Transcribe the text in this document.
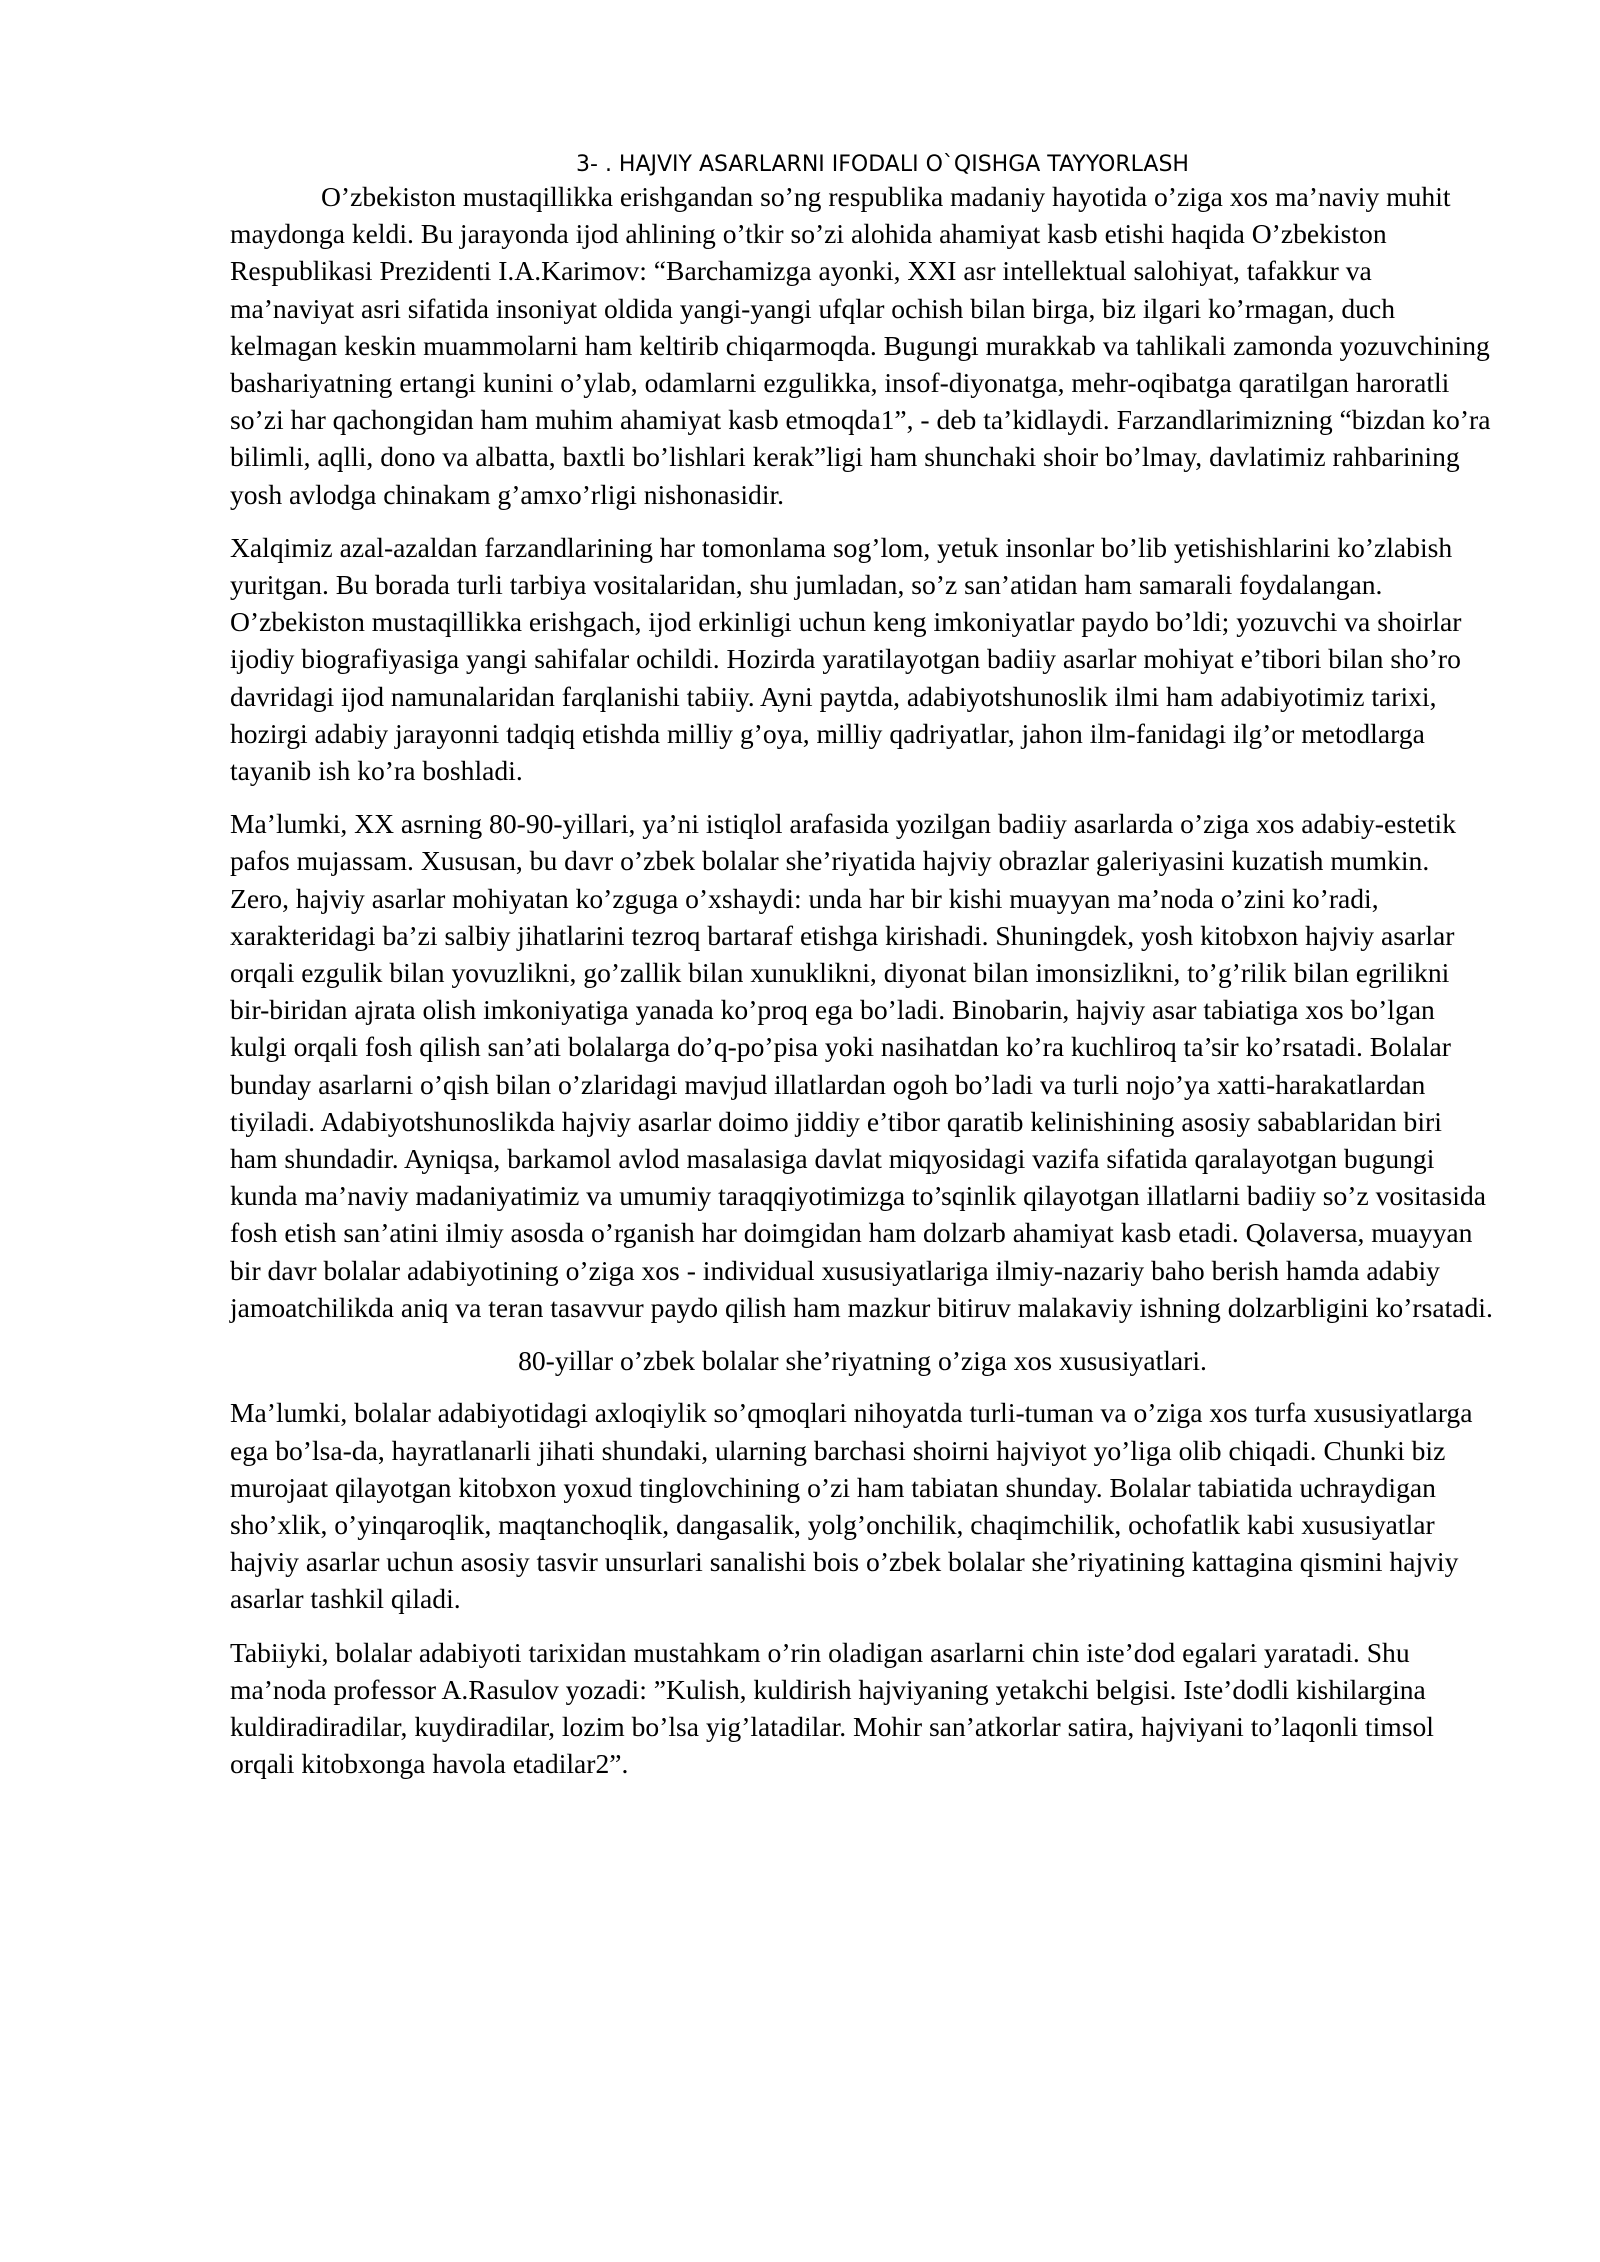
3- . HAJVIY ASARLARNI IFODALI O`QISHGA TAYYORLASH

O’zbekiston mustaqillikka erishgandan so’ng respublika madaniy hayotida o’ziga xos ma’naviy muhit maydonga keldi. Bu jarayonda ijod ahlining o’tkir so’zi alohida ahamiyat kasb etishi haqida O’zbekiston Respublikasi Prezidenti I.A.Karimov: “Barchamizga ayonki, XXI asr intellektual salohiyat, tafakkur va ma’naviyat asri sifatida insoniyat oldida yangi-yangi ufqlar ochish bilan birga, biz ilgari ko’rmagan, duch kelmagan keskin muammolarni ham keltirib chiqarmoqda. Bugungi murakkab va tahlikali zamonda yozuvchining bashariyatning ertangi kunini o’ylab, odamlarni ezgulikka, insof-diyonatga, mehr-oqibatga qaratilgan haroratli so’zi har qachongidan ham muhim ahamiyat kasb etmoqda1”, - deb ta’kidlaydi. Farzandlarimizning “bizdan ko’ra bilimli, aqlli, dono va albatta, baxtli bo’lishlari kerak”ligi ham shunchaki shoir bo’lmay, davlatimiz rahbarining yosh avlodga chinakam g’amxo’rligi nishonasidir.

Xalqimiz azal-azaldan farzandlarining har tomonlama sog’lom, yetuk insonlar bo’lib yetishishlarini ko’zlabish yuritgan. Bu borada turli tarbiya vositalaridan, shu jumladan, so’z san’atidan ham samarali foydalangan. O’zbekiston mustaqillikka erishgach, ijod erkinligi uchun keng imkoniyatlar paydo bo’ldi; yozuvchi va shoirlar ijodiy biografiyasiga yangi sahifalar ochildi. Hozirda yaratilayotgan badiiy asarlar mohiyat e’tibori bilan sho’ro davridagi ijod namunalaridan farqlanishi tabiiy. Ayni paytda, adabiyotshunoslik ilmi ham adabiyotimiz tarixi, hozirgi adabiy jarayonni tadqiq etishda milliy g’oya, milliy qadriyatlar, jahon ilm-fanidagi ilg’or metodlarga tayanib ish ko’ra boshladi.

Ma’lumki, XX asrning 80-90-yillari, ya’ni istiqlol arafasida yozilgan badiiy asarlarda o’ziga xos adabiy-estetik pafos mujassam. Xususan, bu davr o’zbek bolalar she’riyatida hajviy obrazlar galeriyasini kuzatish mumkin. Zero, hajviy asarlar mohiyatan ko’zguga o’xshaydi: unda har bir kishi muayyan ma’noda o’zini ko’radi, xarakteridagi ba’zi salbiy jihatlarini tezroq bartaraf etishga kirishadi. Shuningdek, yosh kitobxon hajviy asarlar orqali ezgulik bilan yovuzlikni, go’zallik bilan xunuklikni, diyonat bilan imonsizlikni, to’g’rilik bilan egrilikni bir-biridan ajrata olish imkoniyatiga yanada ko’proq ega bo’ladi. Binobarin, hajviy asar tabiatiga xos bo’lgan kulgi orqali fosh qilish san’ati bolalarga do’q-po’pisa yoki nasihatdan ko’ra kuchliroq ta’sir ko’rsatadi. Bolalar bunday asarlarni o’qish bilan o’zlaridagi mavjud illatlardan ogoh bo’ladi va turli nojo’ya xatti-harakatlardan tiyiladi. Adabiyotshunoslikda hajviy asarlar doimo jiddiy e’tibor qaratib kelinishining asosiy sabablaridan biri ham shundadir. Ayniqsa, barkamol avlod masalasiga davlat miqyosidagi vazifa sifatida qaralayotgan bugungi kunda ma’naviy madaniyatimiz va umumiy taraqqiyotimizga to’sqinlik qilayotgan illatlarni badiiy so’z vositasida fosh etish san’atini ilmiy asosda o’rganish har doimgidan ham dolzarb ahamiyat kasb etadi. Qolaversa, muayyan bir davr bolalar adabiyotining o’ziga xos - individual xususiyatlariga ilmiy-nazariy baho berish hamda adabiy jamoatchilikda aniq va teran tasavvur paydo qilish ham mazkur bitiruv malakaviy ishning dolzarbligini ko’rsatadi.

80-yillar o’zbek bolalar she’riyatning o’ziga xos xususiyatlari.

Ma’lumki, bolalar adabiyotidagi axloqiylik so’qmoqlari nihoyatda turli-tuman va o’ziga xos turfa xususiyatlarga ega bo’lsa-da, hayratlanarli jihati shundaki, ularning barchasi shoirni hajviyot yo’liga olib chiqadi. Chunki biz murojaat qilayotgan kitobxon yoxud tinglovchining o’zi ham tabiatan shunday. Bolalar tabiatida uchraydigan sho’xlik, o’yinqaroqlik, maqtanchoqlik, dangasalik, yolg’onchilik, chaqimchilik, ochofatlik kabi xususiyatlar hajviy asarlar uchun asosiy tasvir unsurlari sanalishi bois o’zbek bolalar she’riyatining kattagina qismini hajviy asarlar tashkil qiladi.

Tabiiyki, bolalar adabiyoti tarixidan mustahkam o’rin oladigan asarlarni chin iste’dod egalari yaratadi. Shu ma’noda professor A.Rasulov yozadi: ”Kulish, kuldirish hajviyaning yetakchi belgisi. Iste’dodli kishilargina kuldiradiradilar, kuydiradilar, lozim bo’lsa yig’latadilar. Mohir san’atkorlar satira, hajviyani to’laqonli timsol orqali kitobxonga havola etadilar2”.
